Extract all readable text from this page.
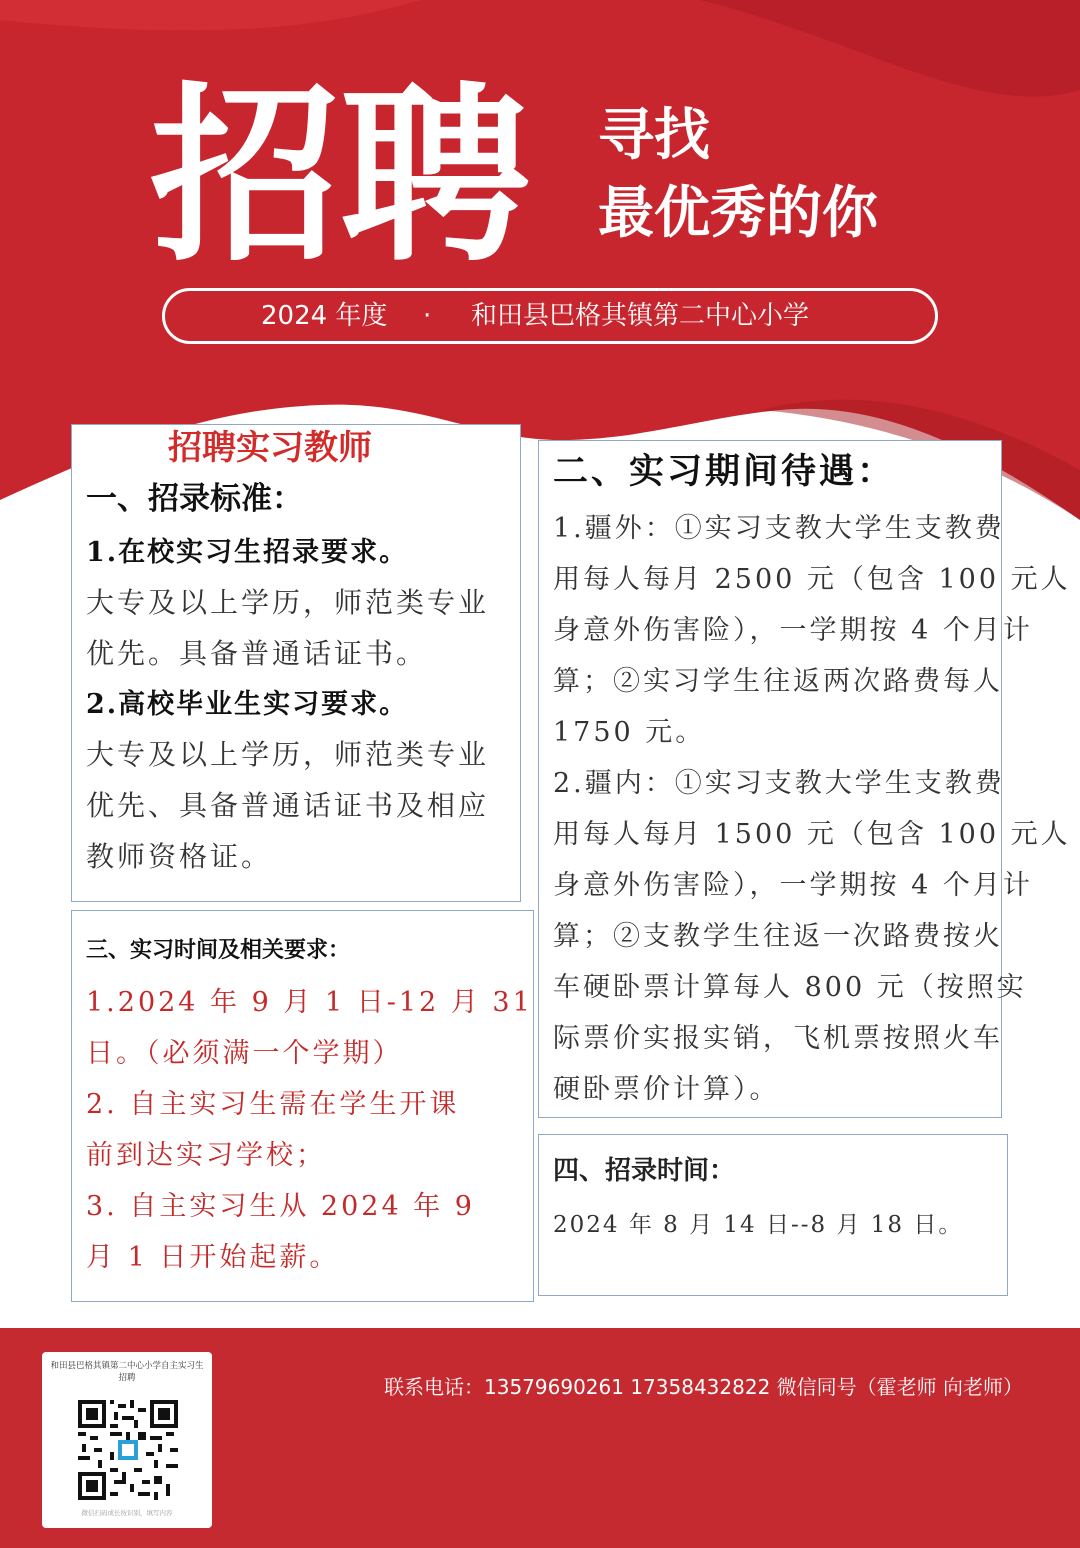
招聘 寻找
最优秀的你
2024 年度 · 和田县巴格其镇第二中心小学
招聘实习教师
一、招录标准：
1.在校实习生招录要求。
大专及以上学历，师范类专业
优先。具备普通话证书。
2.高校毕业生实习要求。
大专及以上学历，师范类专业
优先、具备普通话证书及相应
教师资格证。
二、实习期间待遇：
1.疆外：①实习支教大学生支教费
用每人每月 2500 元（包含 100 元人
身意外伤害险），一学期按 4 个月计
算；②实习学生往返两次路费每人
1750 元。
2.疆内：①实习支教大学生支教费
用每人每月 1500 元（包含 100 元人
身意外伤害险），一学期按 4 个月计
算；②支教学生往返一次路费按火
车硬卧票计算每人 800 元（按照实
际票价实报实销，飞机票按照火车
硬卧票价计算）。
三、实习时间及相关要求：
1.2024 年 9 月 1 日-12 月 31
日。（必须满一个学期）
2. 自主实习生需在学生开课
前到达实习学校；
3. 自主实习生从 2024 年 9
月 1 日开始起薪。
四、招录时间：
2024 年 8 月 14 日--8 月 18 日。
和田县巴格其镇第二中心小学自主实习生招聘
微信扫码或长按识别，填写内容
联系电话：13579690261 17358432822 微信同号（霍老师 向老师）
